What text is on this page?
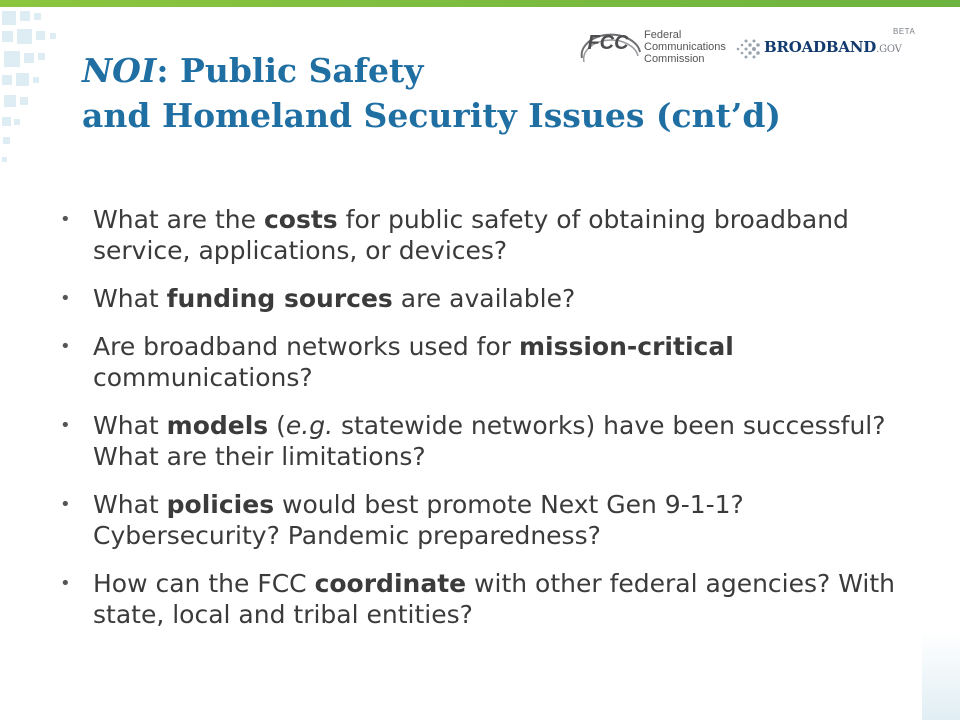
FCC Federal
Communications
Commission
BROADBAND.GOV
BETA
NOI: Public Safety
and Homeland Security Issues (cnt’d)
• What are the costs for public safety of obtaining broadband service, applications, or devices?
• What funding sources are available?
• Are broadband networks used for mission-critical communications?
• What models (e.g. statewide networks) have been successful? What are their limitations?
• What policies would best promote Next Gen 9-1-1? Cybersecurity? Pandemic preparedness?
• How can the FCC coordinate with other federal agencies? With state, local and tribal entities?
